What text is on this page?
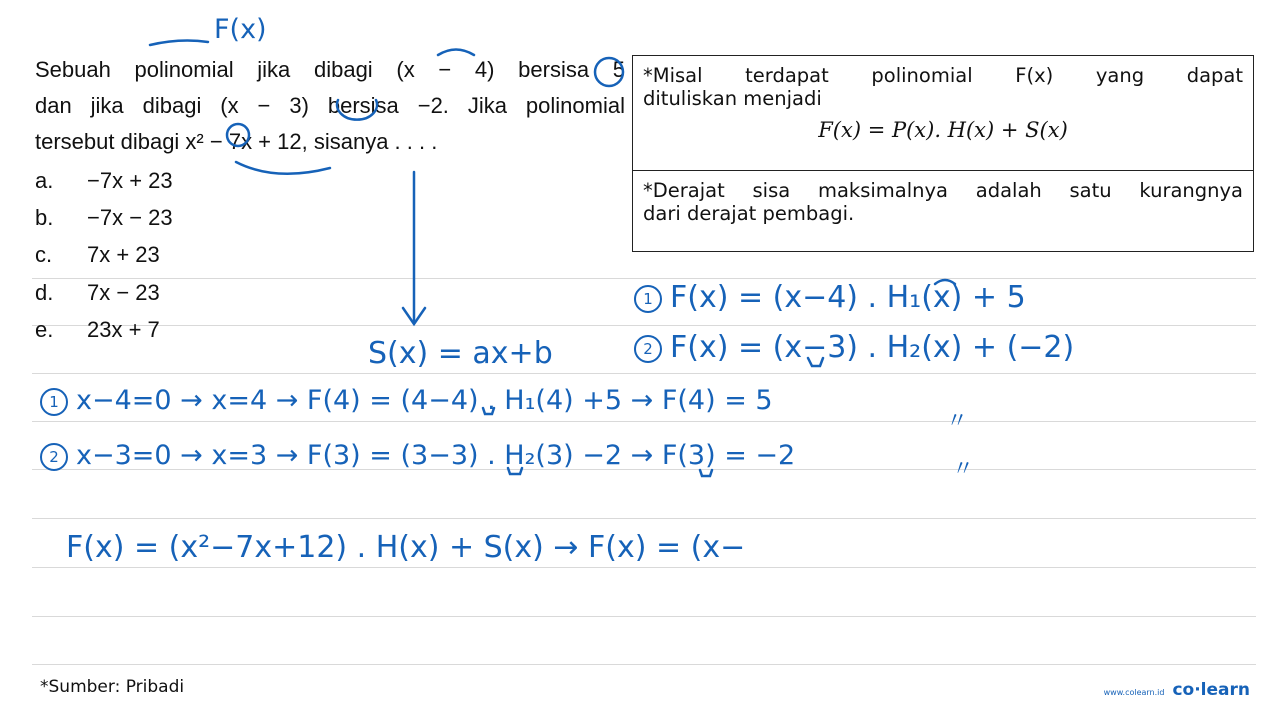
Sebuah polinomial jika dibagi (x − 4) bersisa 5

dan jika dibagi (x − 3) bersisa −2. Jika polinomial

tersebut dibagi x² − 7x + 12, sisanya . . . .

a. −7x + 23
b. −7x − 23
c. 7x + 23
d. 7x − 23
e. 23x + 7
*Misal terdapat polinomial F(x) yang dapat
dituliskan menjadi
F(x) = P(x). H(x) + S(x)
*Derajat sisa maksimalnya adalah satu kurangnya
dari derajat pembagi.
F(x)
S(x) = ax+b
1 F(x) = (x−4) . H₁(x) + 5
2 F(x) = (x−3) . H₂(x) + (−2)
1 x−4=0 → x=4 → F(4) = (4−4) . H₁(4) +5 → F(4) = 5
2 x−3=0 → x=3 → F(3) = (3−3) . H₂(3) −2 → F(3) = −2
〃
〃
F(x) = (x²−7x+12) . H(x) + S(x) → F(x) = (x−
*Sumber: Pribadi	www.colearn.id co·learn
